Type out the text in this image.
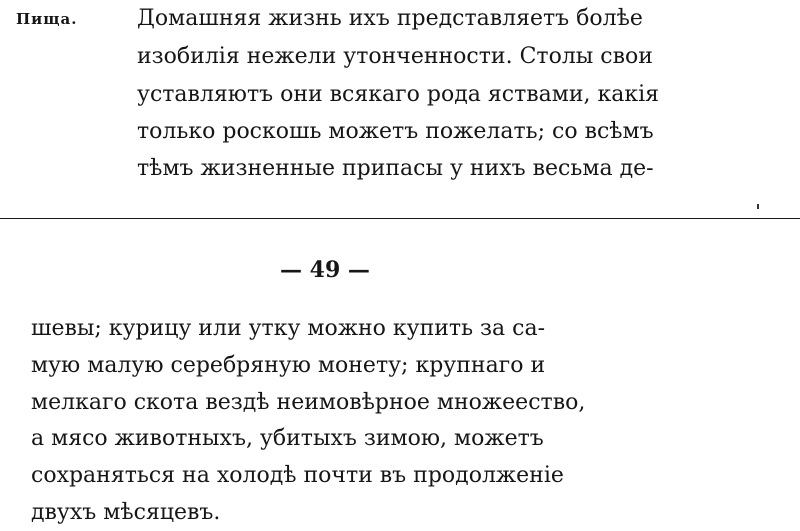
Пища.	Домашняя жизнь ихъ представляетъ болѣе
изобилія нежели утонченности. Столы свои
уставляютъ они всякаго рода яствами, какія
только роскошь можетъ пожелать; со всѣмъ
тѣмъ жизненные припасы у нихъ весьма де-
— 49 —
шевы; курицу или утку можно купить за са-
мую малую серебряную монету; крупнаго и
мелкаго скота вездѣ неимовѣрное множеество,
а мясо животныхъ, убитыхъ зимою, можетъ
сохраняться на холодѣ почти въ продолженіе
двухъ мѣсяцевъ.
